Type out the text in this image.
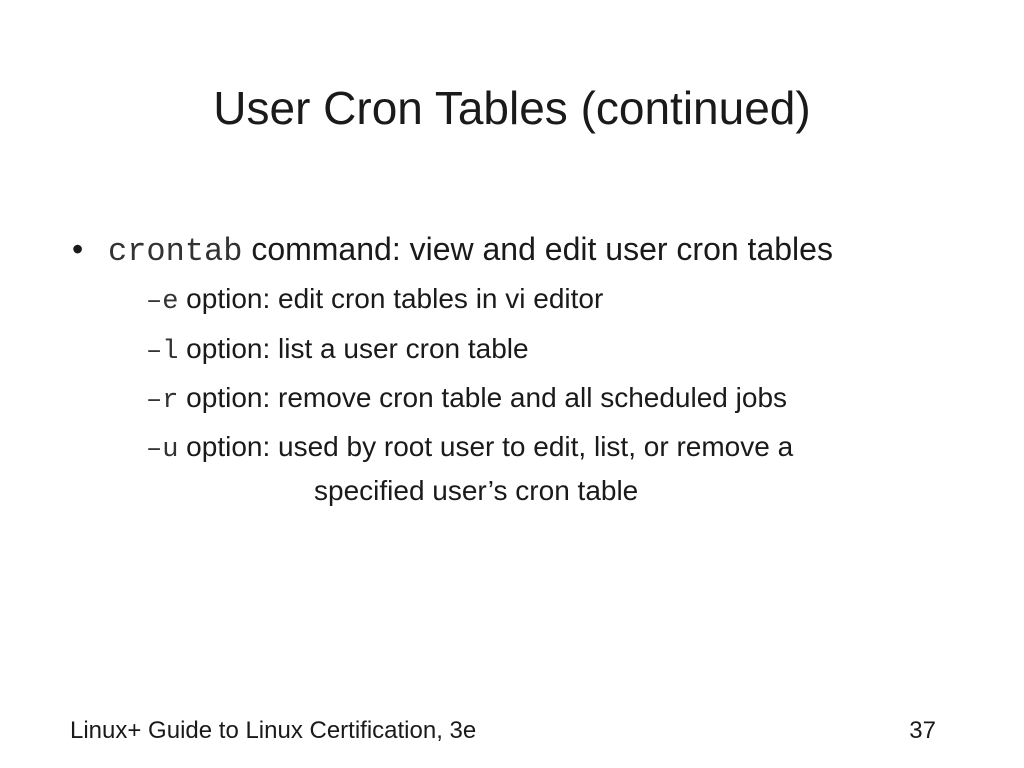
User Cron Tables (continued)
• crontab command: view and edit user cron tables
–e option: edit cron tables in vi editor
–l option: list a user cron table
–r option: remove cron table and all scheduled jobs
–u option: used by root user to edit, list, or remove a
specified user’s cron table
Linux+ Guide to Linux Certification, 3e	37
